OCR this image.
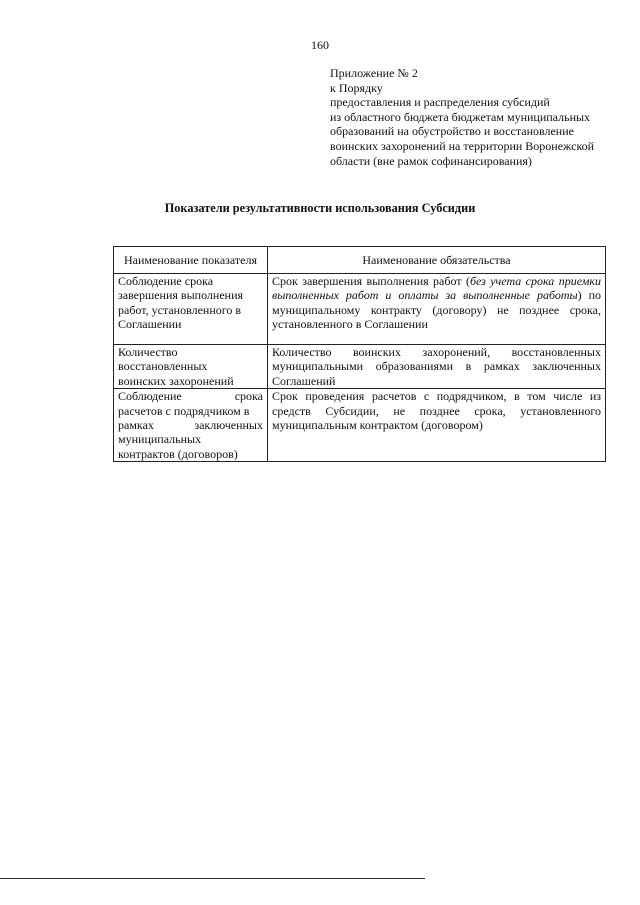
160
Приложение № 2
к Порядку
предоставления и распределения субсидий
из областного бюджета бюджетам муниципальных
образований на обустройство и восстановление
воинских захоронений на территории Воронежской
области (вне рамок софинансирования)
Показатели результативности использования Субсидии
Наименование показателя	Наименование обязательства

Соблюдение срока
завершения выполнения
работ, установленного в
Соглашении	Срок завершения выполнения работ (без учета срока приемки выполненных работ и оплаты за выполненные работы) по муниципальному контракту (договору) не позднее срока, установленного в Соглашении

Количество
восстановленных
воинских захоронений	Количество воинских захоронений, восстановленных муниципальными образованиями в рамках заключенных Соглашений

Соблюдение срока
расчетов с подрядчиком в
рамках заключенных
муниципальных
контрактов (договоров)	Срок проведения расчетов с подрядчиком, в том числе из средств Субсидии, не позднее срока, установленного муниципальным контрактом (договором)
